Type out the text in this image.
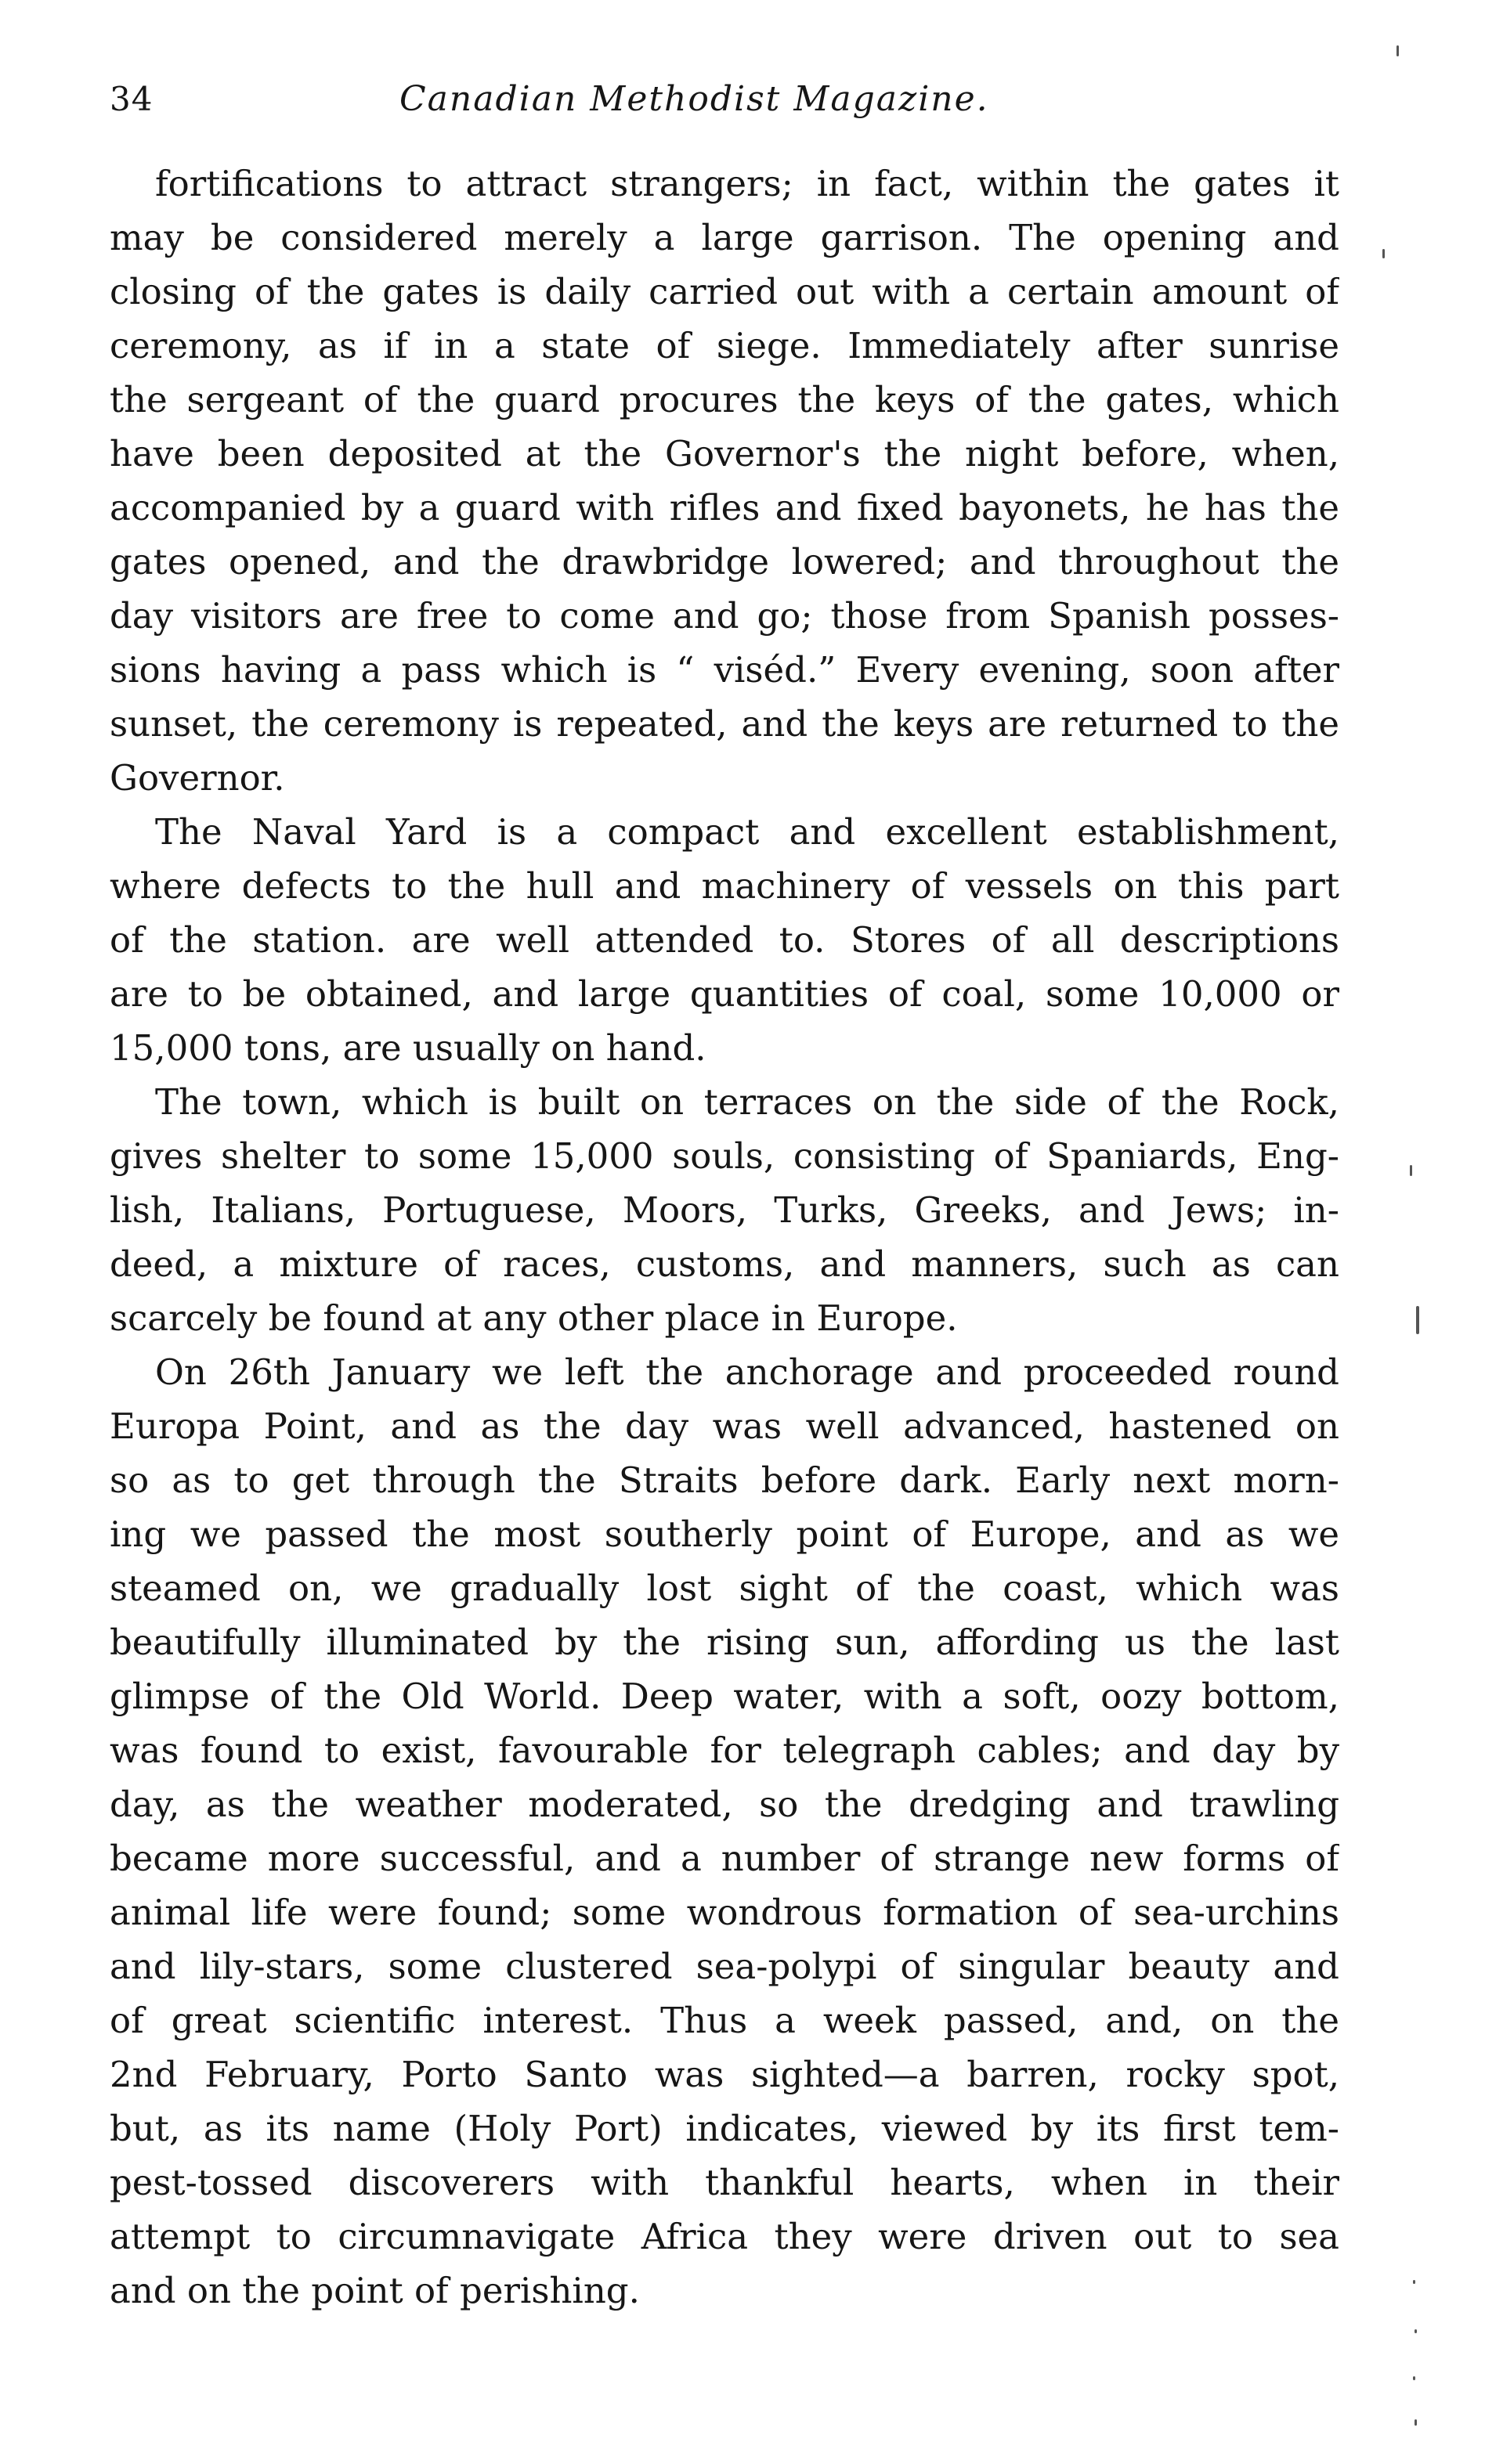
34	Canadian Methodist Magazine.
fortifications to attract strangers; in fact, within the gates it
may be considered merely a large garrison. The opening and
closing of the gates is daily carried out with a certain amount of
ceremony, as if in a state of siege. Immediately after sunrise
the sergeant of the guard procures the keys of the gates, which
have been deposited at the Governor's the night before, when,
accompanied by a guard with rifles and fixed bayonets, he has the
gates opened, and the drawbridge lowered; and throughout the
day visitors are free to come and go; those from Spanish posses-
sions having a pass which is “ viséd.” Every evening, soon after
sunset, the ceremony is repeated, and the keys are returned to the
Governor.
The Naval Yard is a compact and excellent establishment,
where defects to the hull and machinery of vessels on this part
of the station. are well attended to. Stores of all descriptions
are to be obtained, and large quantities of coal, some 10,000 or
15,000 tons, are usually on hand.
The town, which is built on terraces on the side of the Rock,
gives shelter to some 15,000 souls, consisting of Spaniards, Eng-
lish, Italians, Portuguese, Moors, Turks, Greeks, and Jews; in-
deed, a mixture of races, customs, and manners, such as can
scarcely be found at any other place in Europe.
On 26th January we left the anchorage and proceeded round
Europa Point, and as the day was well advanced, hastened on
so as to get through the Straits before dark. Early next morn-
ing we passed the most southerly point of Europe, and as we
steamed on, we gradually lost sight of the coast, which was
beautifully illuminated by the rising sun, affording us the last
glimpse of the Old World. Deep water, with a soft, oozy bottom,
was found to exist, favourable for telegraph cables; and day by
day, as the weather moderated, so the dredging and trawling
became more successful, and a number of strange new forms of
animal life were found; some wondrous formation of sea-urchins
and lily-stars, some clustered sea-polypi of singular beauty and
of great scientific interest. Thus a week passed, and, on the
2nd February, Porto Santo was sighted—a barren, rocky spot,
but, as its name (Holy Port) indicates, viewed by its first tem-
pest-tossed discoverers with thankful hearts, when in their
attempt to circumnavigate Africa they were driven out to sea
and on the point of perishing.
